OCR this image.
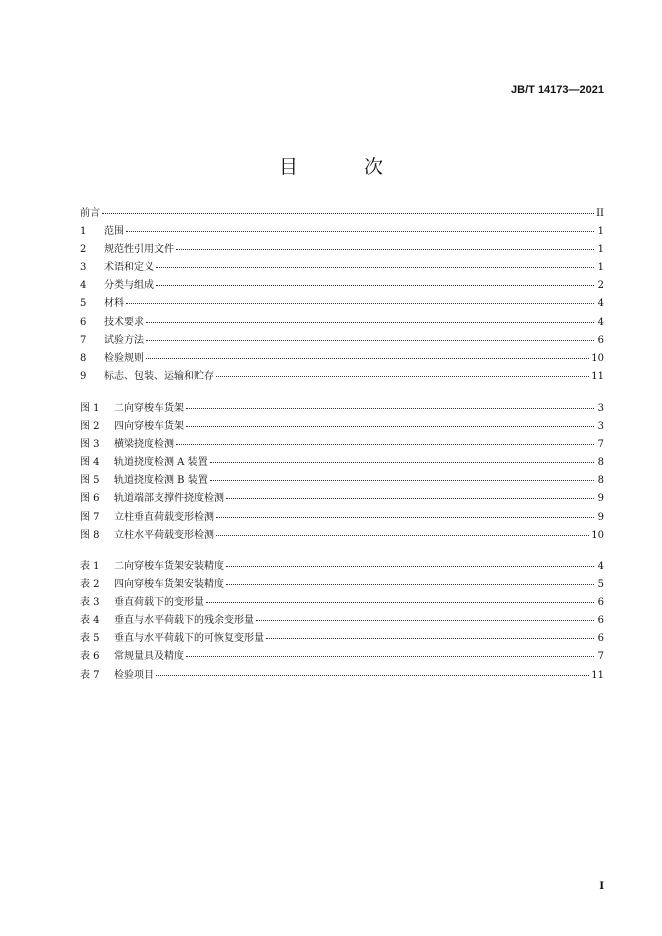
JB/T 14173—2021
目 次
前言	II
1	范围	1
2	规范性引用文件	1
3	术语和定义	1
4	分类与组成	2
5	材料	4
6	技术要求	4
7	试验方法	6
8	检验规则	10
9	标志、包装、运输和贮存	11
图 1	二向穿梭车货架	3
图 2	四向穿梭车货架	3
图 3	横梁挠度检测	7
图 4	轨道挠度检测 A 装置	8
图 5	轨道挠度检测 B 装置	8
图 6	轨道端部支撑件挠度检测	9
图 7	立柱垂直荷载变形检测	9
图 8	立柱水平荷载变形检测	10
表 1	二向穿梭车货架安装精度	4
表 2	四向穿梭车货架安装精度	5
表 3	垂直荷载下的变形量	6
表 4	垂直与水平荷载下的残余变形量	6
表 5	垂直与水平荷载下的可恢复变形量	6
表 6	常规量具及精度	7
表 7	检验项目	11
I
